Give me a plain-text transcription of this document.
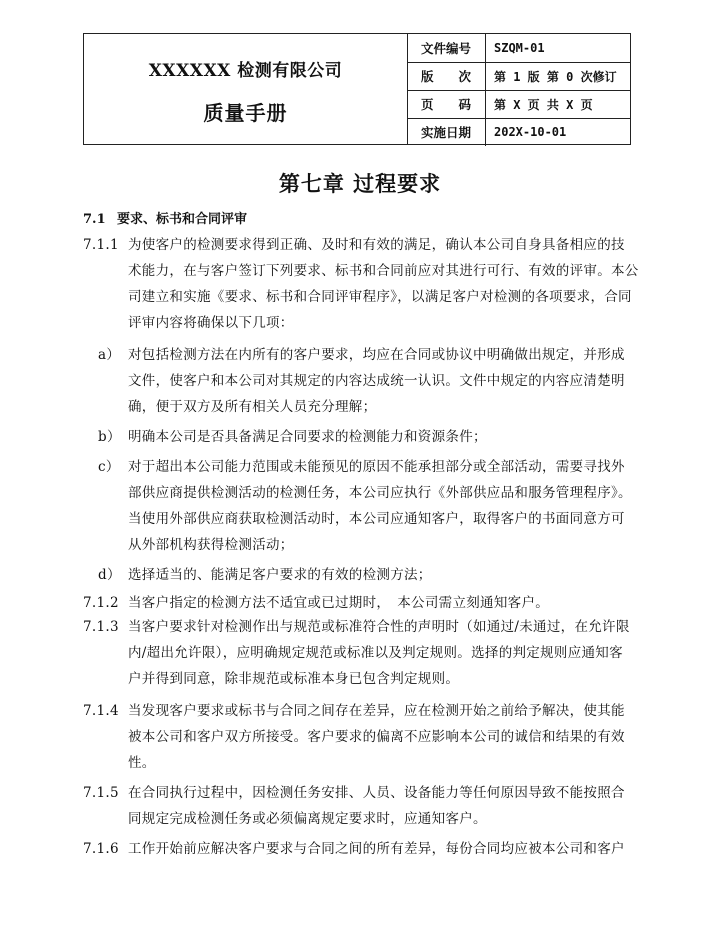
XXXXXX 检测有限公司
质量手册
文件编号	SZQM-01
版　　次	第 1 版 第 0 次修订
页　　码	第 X 页 共 X 页
实施日期	202X-10-01
第七章 过程要求
7.1 要求、标书和合同评审
7.1.1 为使客户的检测要求得到正确、及时和有效的满足，确认本公司自身具备相应的技
术能力，在与客户签订下列要求、标书和合同前应对其进行可行、有效的评审。本公
司建立和实施《要求、标书和合同评审程序》，以满足客户对检测的各项要求，合同
评审内容将确保以下几项：
a） 对包括检测方法在内所有的客户要求，均应在合同或协议中明确做出规定，并形成
文件，使客户和本公司对其规定的内容达成统一认识。文件中规定的内容应清楚明
确，便于双方及所有相关人员充分理解；
b） 明确本公司是否具备满足合同要求的检测能力和资源条件；
c） 对于超出本公司能力范围或未能预见的原因不能承担部分或全部活动，需要寻找外
部供应商提供检测活动的检测任务，本公司应执行《外部供应品和服务管理程序》。
当使用外部供应商获取检测活动时，本公司应通知客户，取得客户的书面同意方可
从外部机构获得检测活动；
d） 选择适当的、能满足客户要求的有效的检测方法；
7.1.2 当客户指定的检测方法不适宜或已过期时，　本公司需立刻通知客户。
7.1.3 当客户要求针对检测作出与规范或标准符合性的声明时（如通过/未通过，在允许限
内/超出允许限），应明确规定规范或标准以及判定规则。选择的判定规则应通知客
户并得到同意，除非规范或标准本身已包含判定规则。
7.1.4 当发现客户要求或标书与合同之间存在差异，应在检测开始之前给予解决，使其能
被本公司和客户双方所接受。客户要求的偏离不应影响本公司的诚信和结果的有效
性。
7.1.5 在合同执行过程中，因检测任务安排、人员、设备能力等任何原因导致不能按照合
同规定完成检测任务或必须偏离规定要求时，应通知客户。
7.1.6 工作开始前应解决客户要求与合同之间的所有差异，每份合同均应被本公司和客户
